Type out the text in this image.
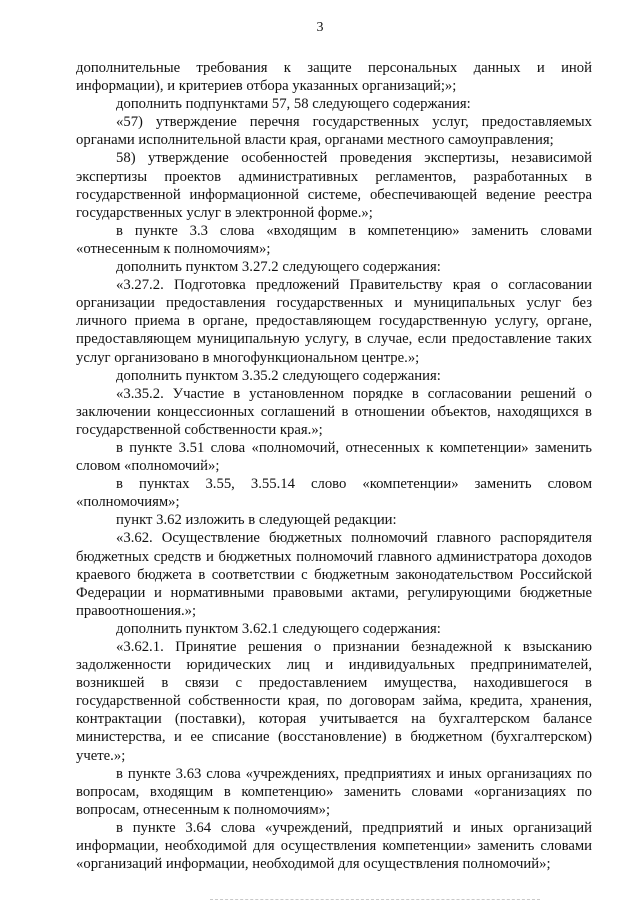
3

дополнительные требования к защите персональных данных и иной информации), и критериев отбора указанных организаций;»;

дополнить подпунктами 57, 58 следующего содержания:

«57) утверждение перечня государственных услуг, предоставляемых органами исполнительной власти края, органами местного самоуправления;

58) утверждение особенностей проведения экспертизы, независимой экспертизы проектов административных регламентов, разработанных в государственной информационной системе, обеспечивающей ведение реестра государственных услуг в электронной форме.»;

в пункте 3.3 слова «входящим в компетенцию» заменить словами «отнесенным к полномочиям»;

дополнить пунктом 3.27.2 следующего содержания:

«3.27.2. Подготовка предложений Правительству края о согласовании организации предоставления государственных и муниципальных услуг без личного приема в органе, предоставляющем государственную услугу, органе, предоставляющем муниципальную услугу, в случае, если предоставление таких услуг организовано в многофункциональном центре.»;

дополнить пунктом 3.35.2 следующего содержания:

«3.35.2. Участие в установленном порядке в согласовании решений о заключении концессионных соглашений в отношении объектов, находящихся в государственной собственности края.»;

в пункте 3.51 слова «полномочий, отнесенных к компетенции» заменить словом «полномочий»;

в пунктах 3.55, 3.55.14 слово «компетенции» заменить словом «полномочиям»;

пункт 3.62 изложить в следующей редакции:

«3.62. Осуществление бюджетных полномочий главного распорядителя бюджетных средств и бюджетных полномочий главного администратора доходов краевого бюджета в соответствии с бюджетным законодательством Российской Федерации и нормативными правовыми актами, регулирующими бюджетные правоотношения.»;

дополнить пунктом 3.62.1 следующего содержания:

«3.62.1. Принятие решения о признании безнадежной к взысканию задолженности юридических лиц и индивидуальных предпринимателей, возникшей в связи с предоставлением имущества, находившегося в государственной собственности края, по договорам займа, кредита, хранения, контрактации (поставки), которая учитывается на бухгалтерском балансе министерства, и ее списание (восстановление) в бюджетном (бухгалтерском) учете.»;

в пункте 3.63 слова «учреждениях, предприятиях и иных организациях по вопросам, входящим в компетенцию» заменить словами «организациях по вопросам, отнесенным к полномочиям»;

в пункте 3.64 слова «учреждений, предприятий и иных организаций информации, необходимой для осуществления компетенции» заменить словами «организаций информации, необходимой для осуществления полномочий»;
